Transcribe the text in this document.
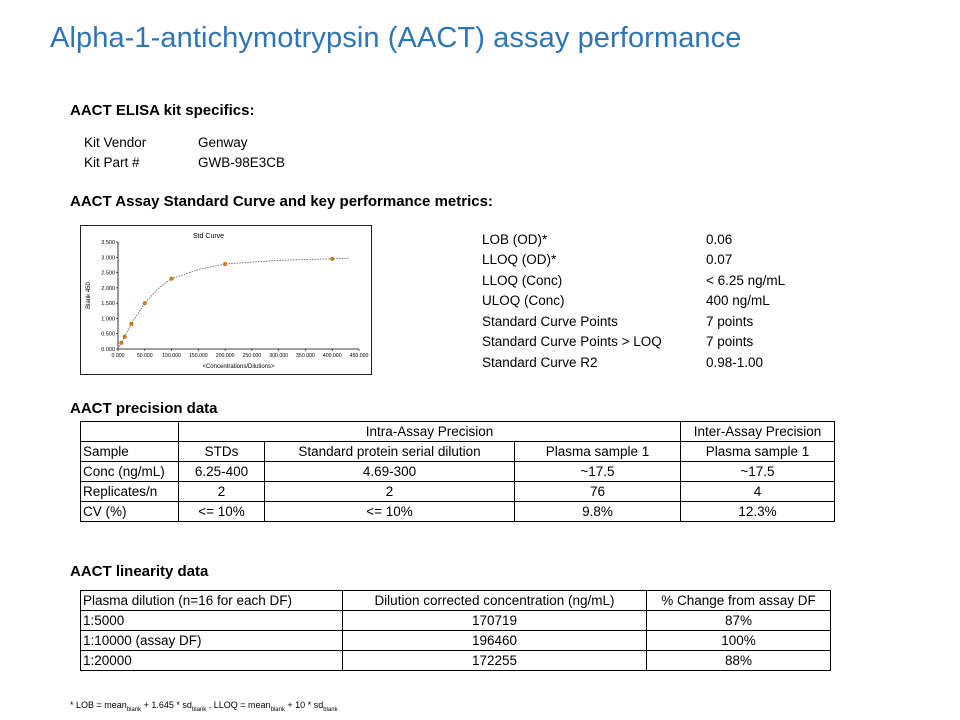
Alpha-1-antichymotrypsin (AACT) assay performance
AACT ELISA kit specifics:
Kit Vendor	Genway
Kit Part #	GWB-98E3CB
AACT Assay Standard Curve and key performance metrics:
Std Curve
0.000
0.500
1.000
1.500
2.000
2.500
3.000
3.500
0.000 50.000 100.000 150.000 200.000 250.000 300.000 350.000 400.000 450.000
<Concentrations/Dilutions>
Blank 450
LOB (OD)*	0.06
LLOQ (OD)*	0.07
LLOQ (Conc)	< 6.25 ng/mL
ULOQ (Conc)	400 ng/mL
Standard Curve Points	7 points
Standard Curve Points > LOQ	7 points
Standard Curve R2	0.98-1.00
AACT precision data
	Intra-Assay Precision			Inter-Assay Precision
Sample	STDs	Standard protein serial dilution	Plasma sample 1	Plasma sample 1
Conc (ng/mL)	6.25-400	4.69-300	~17.5	~17.5
Replicates/n	2	2	76	4
CV (%)	<= 10%	<= 10%	9.8%	12.3%
AACT linearity data
Plasma dilution (n=16 for each DF)	Dilution corrected concentration (ng/mL)	% Change from assay DF
1:5000	170719	87%
1:10000 (assay DF)	196460	100%
1:20000	172255	88%
* LOB = mean$_{blank}$ + $1.645 * sd_{blank}$ , LLOQ = mean$_{blank}$ + $10 * sd_{blank}$
